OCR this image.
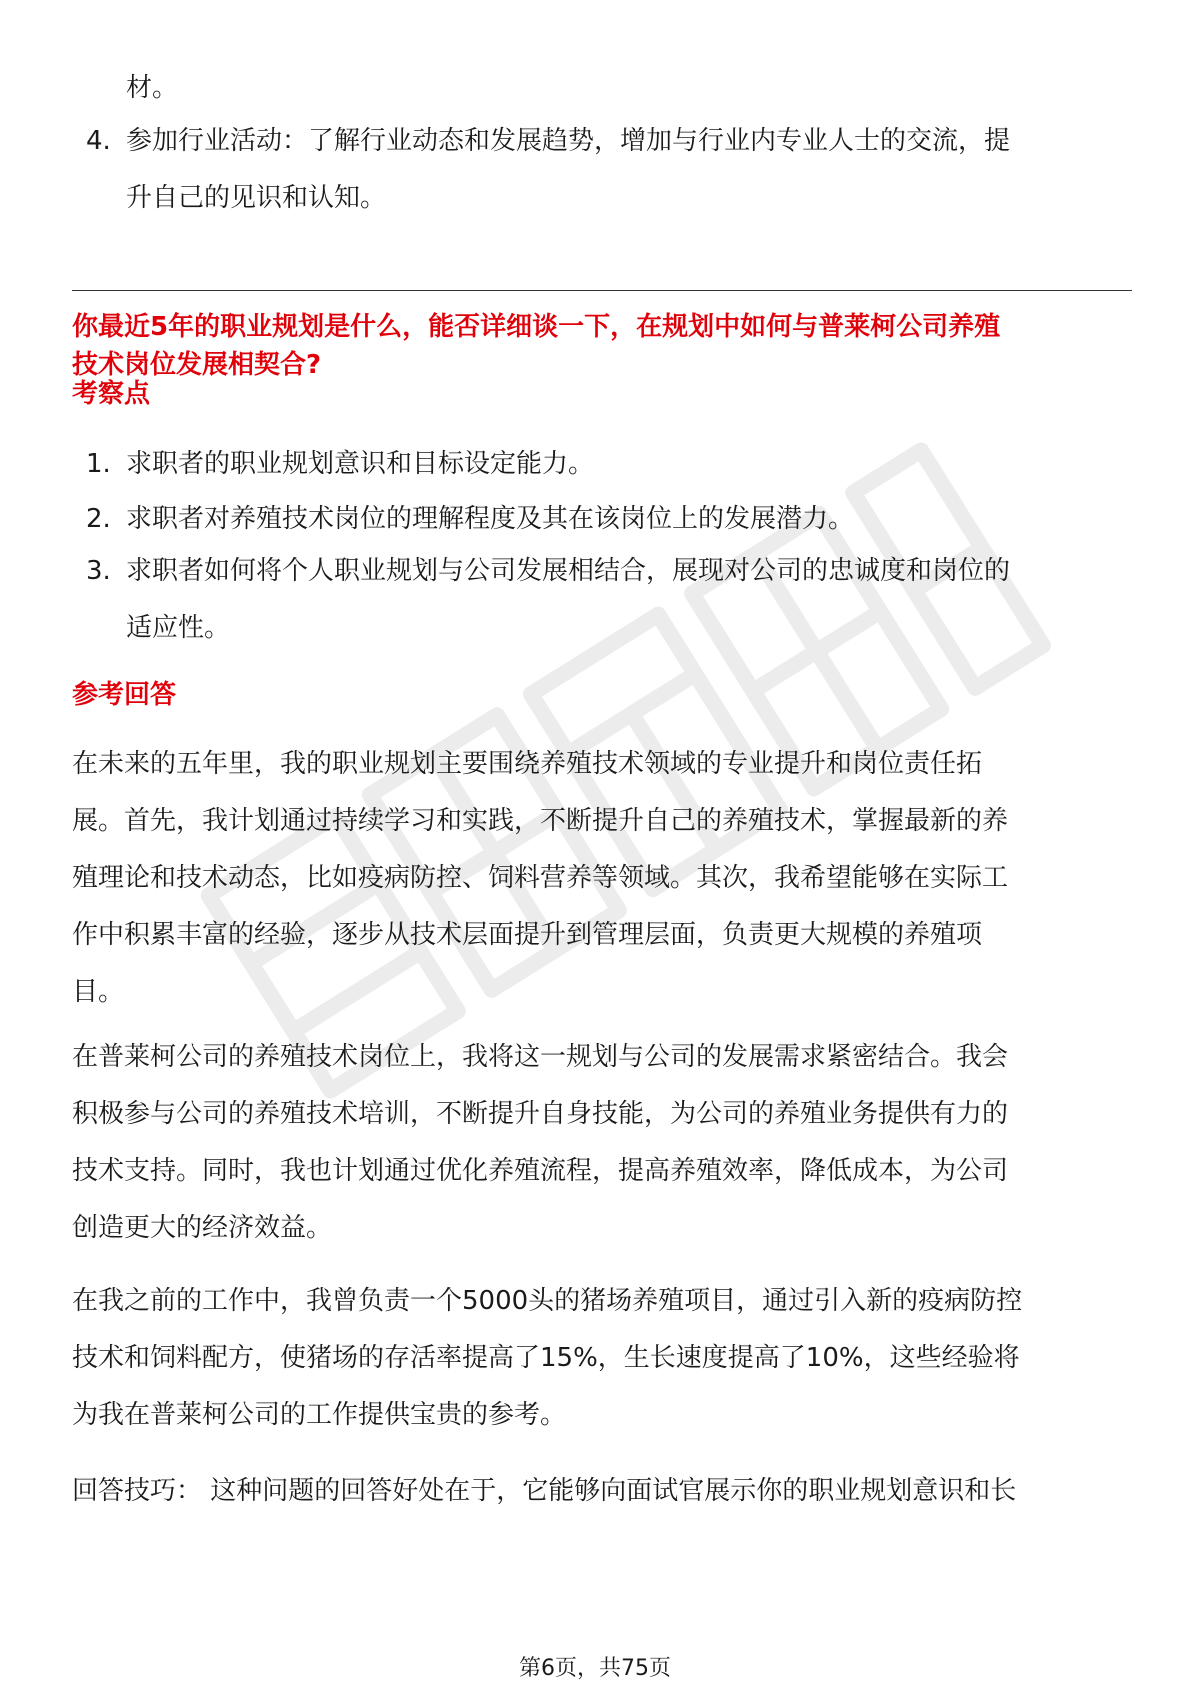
材。
4. 参加行业活动：了解行业动态和发展趋势，增加与行业内专业人士的交流，提
升自己的见识和认知。
你最近5年的职业规划是什么，能否详细谈一下，在规划中如何与普莱柯公司养殖
技术岗位发展相契合?
考察点
1. 求职者的职业规划意识和目标设定能力。
2. 求职者对养殖技术岗位的理解程度及其在该岗位上的发展潜力。
3. 求职者如何将个人职业规划与公司发展相结合，展现对公司的忠诚度和岗位的
适应性。
参考回答
在未来的五年里，我的职业规划主要围绕养殖技术领域的专业提升和岗位责任拓
展。首先，我计划通过持续学习和实践，不断提升自己的养殖技术，掌握最新的养
殖理论和技术动态，比如疫病防控、饲料营养等领域。其次，我希望能够在实际工
作中积累丰富的经验，逐步从技术层面提升到管理层面，负责更大规模的养殖项
目。
在普莱柯公司的养殖技术岗位上，我将这一规划与公司的发展需求紧密结合。我会
积极参与公司的养殖技术培训，不断提升自身技能，为公司的养殖业务提供有力的
技术支持。同时，我也计划通过优化养殖流程，提高养殖效率，降低成本，为公司
创造更大的经济效益。
在我之前的工作中，我曾负责一个5000头的猪场养殖项目，通过引入新的疫病防控
技术和饲料配方，使猪场的存活率提高了15%，生长速度提高了10%，这些经验将
为我在普莱柯公司的工作提供宝贵的参考。
回答技巧： 这种问题的回答好处在于，它能够向面试官展示你的职业规划意识和长
第6页，共75页
